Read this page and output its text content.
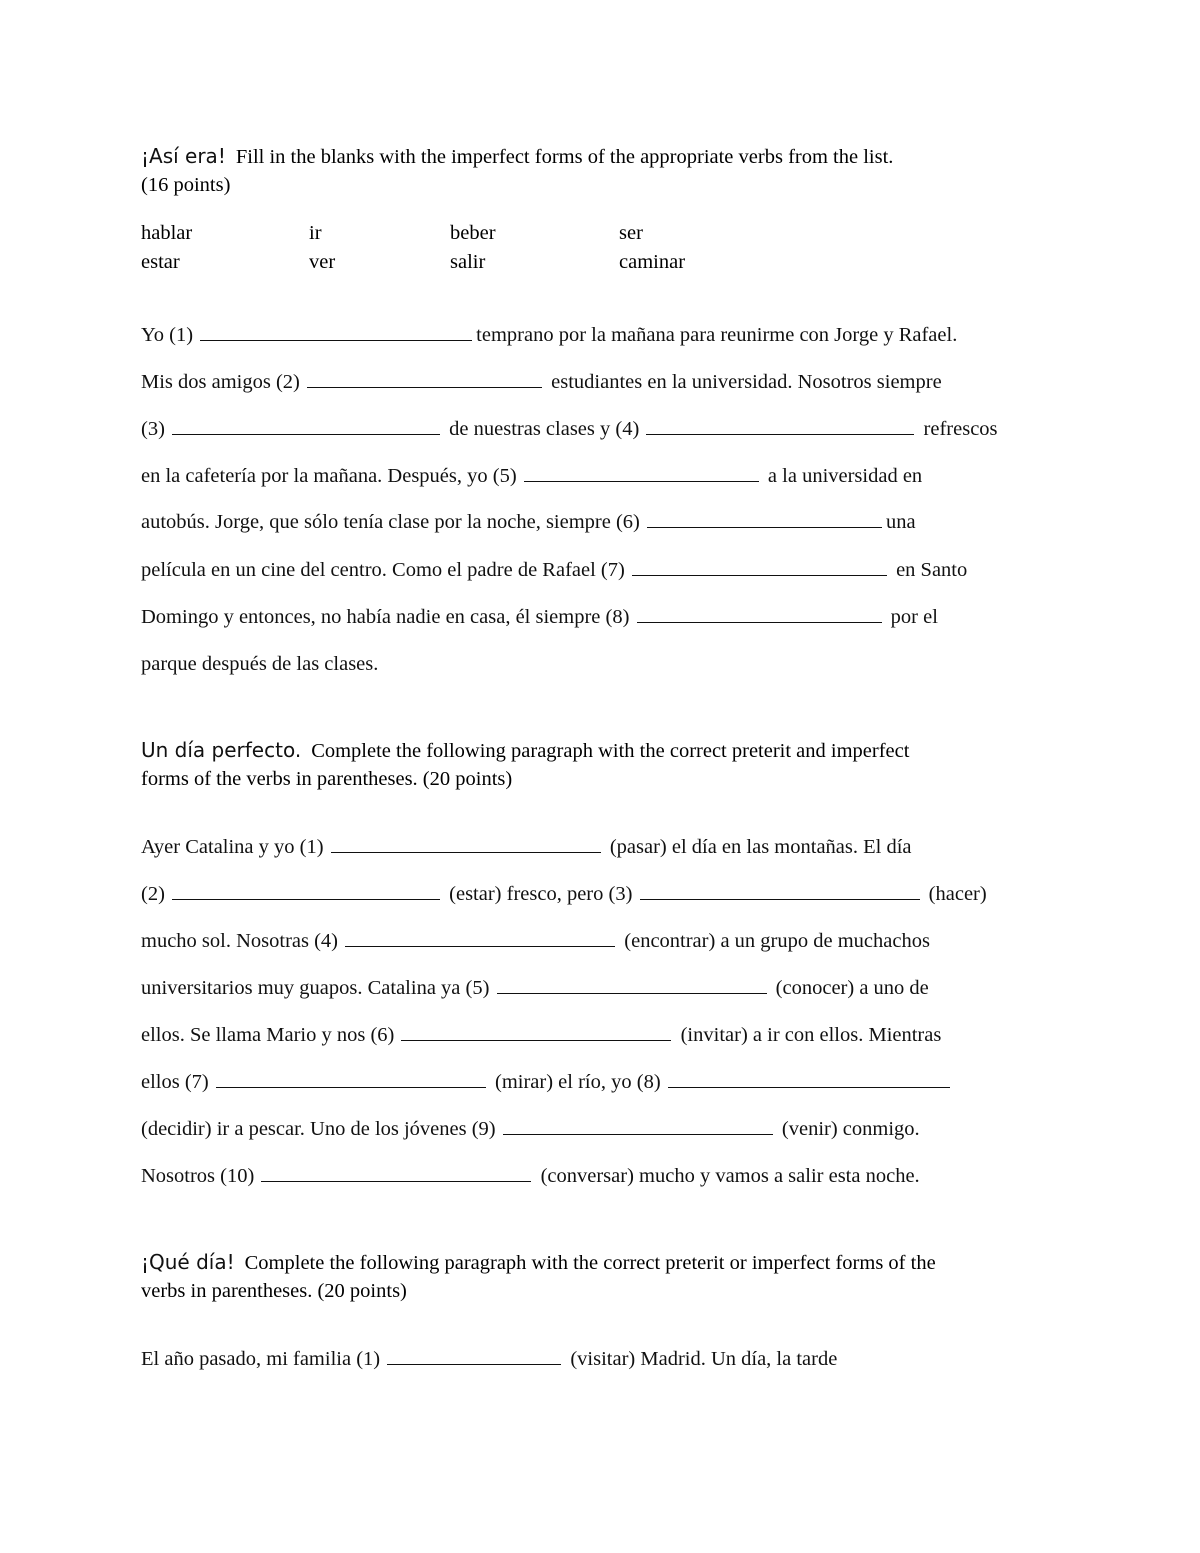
¡Así era! Fill in the blanks with the imperfect forms of the appropriate verbs from the list.
(16 points)
hablar	ir	beber	ser
estar	ver	salir	caminar
Yo (1)	temprano por la mañana para reunirme con Jorge y Rafael.
Mis dos amigos (2)	estudiantes en la universidad. Nosotros siempre
(3)	de nuestras clases y (4)	refrescos
en la cafetería por la mañana. Después, yo (5)	a la universidad en
autobús. Jorge, que sólo tenía clase por la noche, siempre (6)	una
película en un cine del centro. Como el padre de Rafael (7)	en Santo
Domingo y entonces, no había nadie en casa, él siempre (8)	por el
parque después de las clases.
Un día perfecto. Complete the following paragraph with the correct preterit and imperfect
forms of the verbs in parentheses. (20 points)
Ayer Catalina y yo (1)	(pasar) el día en las montañas. El día
(2)	(estar) fresco, pero (3)	(hacer)
mucho sol. Nosotras (4)	(encontrar) a un grupo de muchachos
universitarios muy guapos. Catalina ya (5)	(conocer) a uno de
ellos. Se llama Mario y nos (6)	(invitar) a ir con ellos. Mientras
ellos (7)	(mirar) el río, yo (8)
(decidir) ir a pescar. Uno de los jóvenes (9)	(venir) conmigo.
Nosotros (10)	(conversar) mucho y vamos a salir esta noche.
¡Qué día! Complete the following paragraph with the correct preterit or imperfect forms of the
verbs in parentheses. (20 points)
El año pasado, mi familia (1)	(visitar) Madrid. Un día, la tarde
